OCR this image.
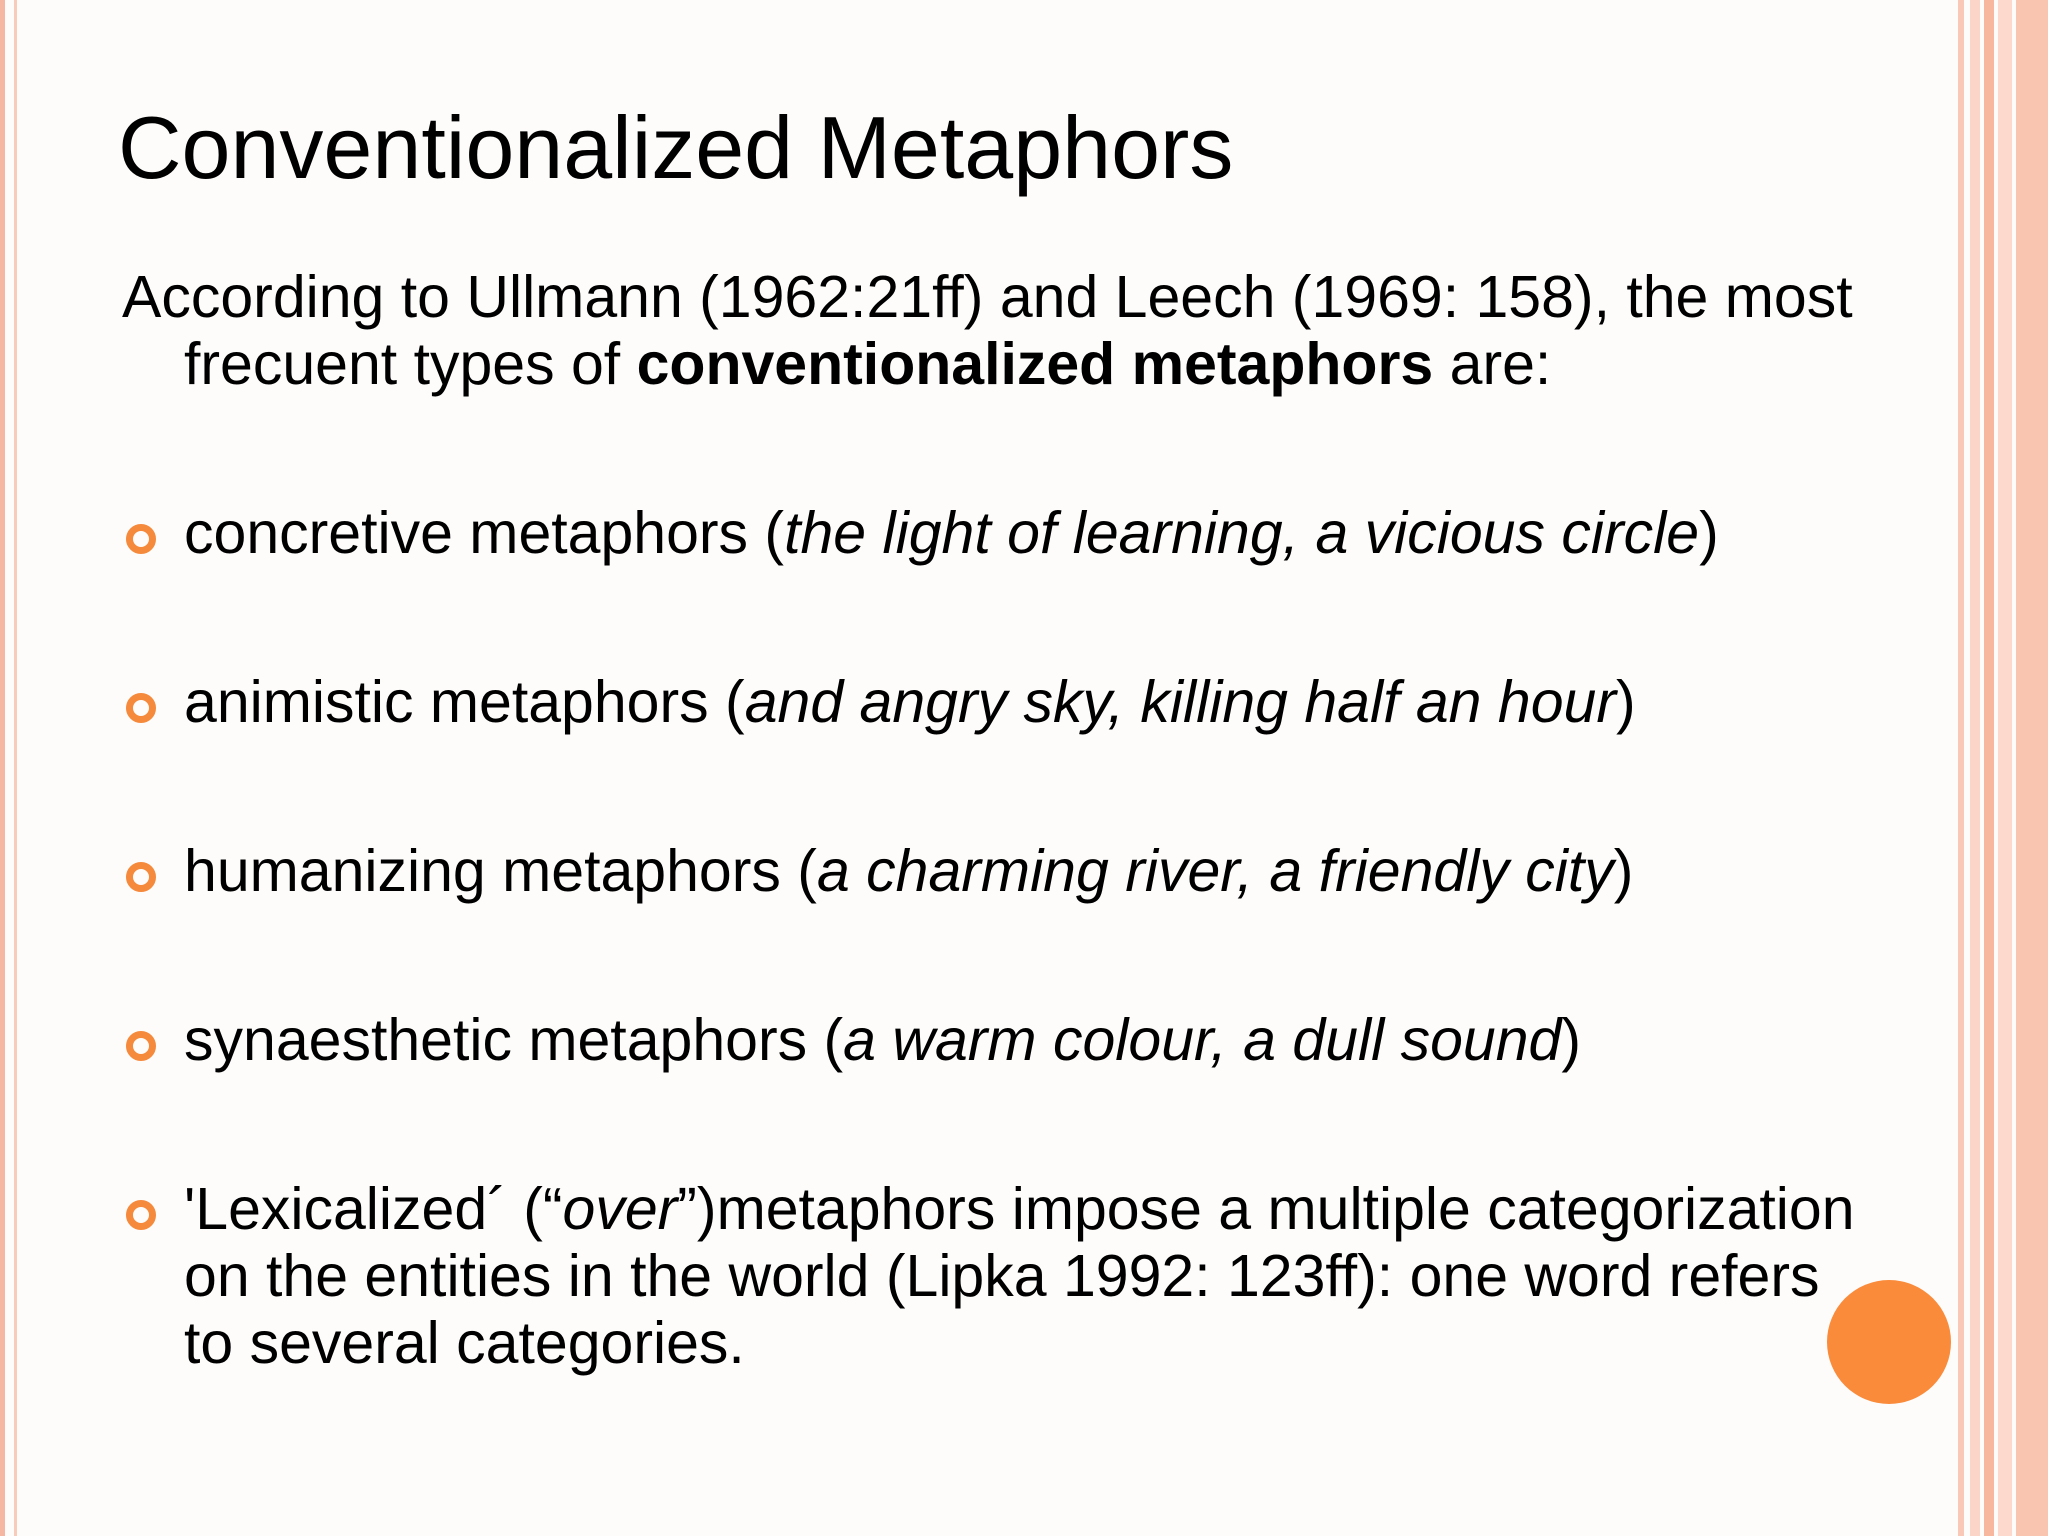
Conventionalized Metaphors

According to Ullmann (1962:21ff) and Leech (1969: 158), the most frecuent types of conventionalized metaphors are:

concretive metaphors (the light of learning, a vicious circle)
animistic metaphors (and angry sky, killing half an hour)
humanizing metaphors (a charming river, a friendly city)
synaesthetic metaphors (a warm colour, a dull sound)
'Lexicalized´ (“over”)metaphors impose a multiple categorization on the entities in the world (Lipka 1992: 123ff): one word refers to several categories.
